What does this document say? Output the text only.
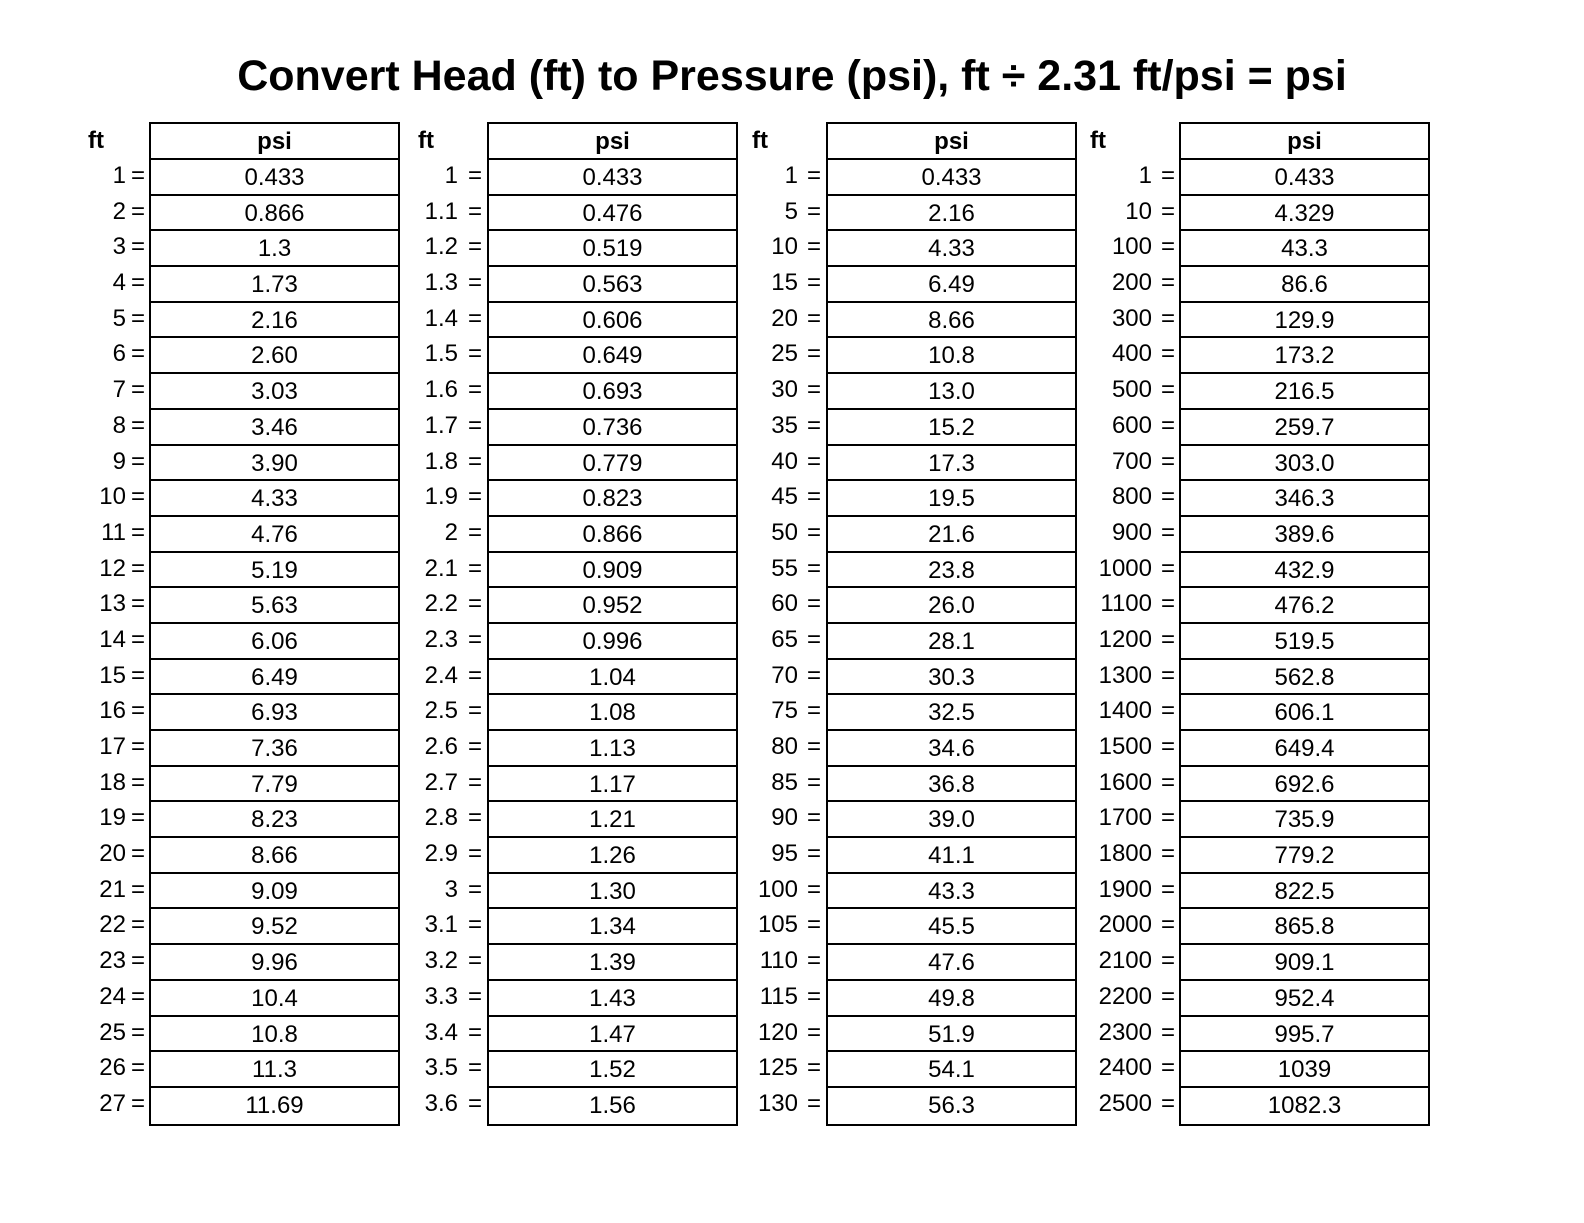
Convert Head (ft) to Pressure (psi), ft ÷ 2.31 ft/psi = psi
ft
1
2
3
4
5
6
7
8
9
10
11
12
13
14
15
16
17
18
19
20
21
22
23
24
25
26
27
=
=
=
=
=
=
=
=
=
=
=
=
=
=
=
=
=
=
=
=
=
=
=
=
=
=
=
psi
0.433
0.866
1.3
1.73
2.16
2.60
3.03
3.46
3.90
4.33
4.76
5.19
5.63
6.06
6.49
6.93
7.36
7.79
8.23
8.66
9.09
9.52
9.96
10.4
10.8
11.3
11.69
ft
1
1.1
1.2
1.3
1.4
1.5
1.6
1.7
1.8
1.9
2
2.1
2.2
2.3
2.4
2.5
2.6
2.7
2.8
2.9
3
3.1
3.2
3.3
3.4
3.5
3.6
=
=
=
=
=
=
=
=
=
=
=
=
=
=
=
=
=
=
=
=
=
=
=
=
=
=
=
psi
0.433
0.476
0.519
0.563
0.606
0.649
0.693
0.736
0.779
0.823
0.866
0.909
0.952
0.996
1.04
1.08
1.13
1.17
1.21
1.26
1.30
1.34
1.39
1.43
1.47
1.52
1.56
ft
1
5
10
15
20
25
30
35
40
45
50
55
60
65
70
75
80
85
90
95
100
105
110
115
120
125
130
=
=
=
=
=
=
=
=
=
=
=
=
=
=
=
=
=
=
=
=
=
=
=
=
=
=
=
psi
0.433
2.16
4.33
6.49
8.66
10.8
13.0
15.2
17.3
19.5
21.6
23.8
26.0
28.1
30.3
32.5
34.6
36.8
39.0
41.1
43.3
45.5
47.6
49.8
51.9
54.1
56.3
ft
1
10
100
200
300
400
500
600
700
800
900
1000
1100
1200
1300
1400
1500
1600
1700
1800
1900
2000
2100
2200
2300
2400
2500
=
=
=
=
=
=
=
=
=
=
=
=
=
=
=
=
=
=
=
=
=
=
=
=
=
=
=
psi
0.433
4.329
43.3
86.6
129.9
173.2
216.5
259.7
303.0
346.3
389.6
432.9
476.2
519.5
562.8
606.1
649.4
692.6
735.9
779.2
822.5
865.8
909.1
952.4
995.7
1039
1082.3
